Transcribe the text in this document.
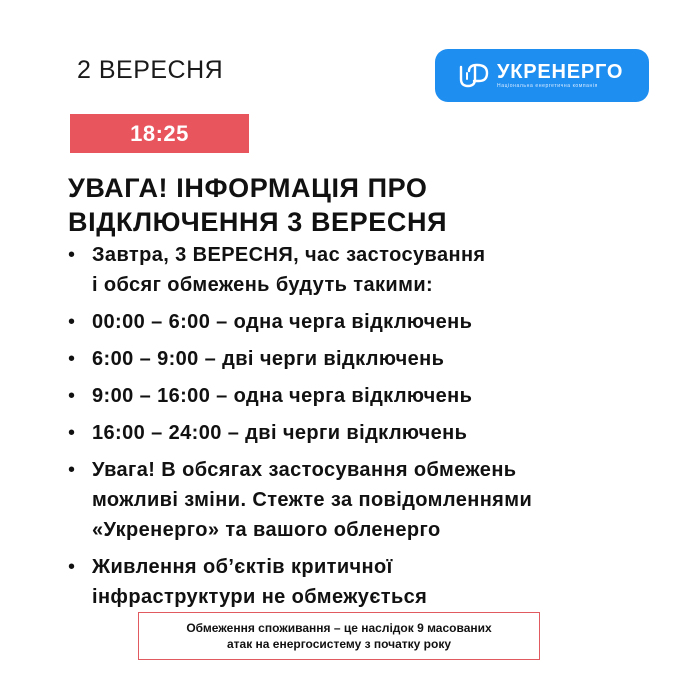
2 ВЕРЕСНЯ	УКРЕНЕРГО
Національна енергетична компанія
18:25
УВАГА! ІНФОРМАЦІЯ ПРО
ВІДКЛЮЧЕННЯ 3 ВЕРЕСНЯ
• Завтра, 3 ВЕРЕСНЯ, час застосування
і обсяг обмежень будуть такими:
• 00:00 – 6:00 – одна черга відключень
• 6:00 – 9:00 – дві черги відключень
• 9:00 – 16:00 – одна черга відключень
• 16:00 – 24:00 – дві черги відключень
• Увага! В обсягах застосування обмежень
можливі зміни. Стежте за повідомленнями
«Укренерго» та вашого обленерго
• Живлення об’єктів критичної
інфраструктури не обмежується
Обмеження споживання – це наслідок 9 масованих
атак на енергосистему з початку року
